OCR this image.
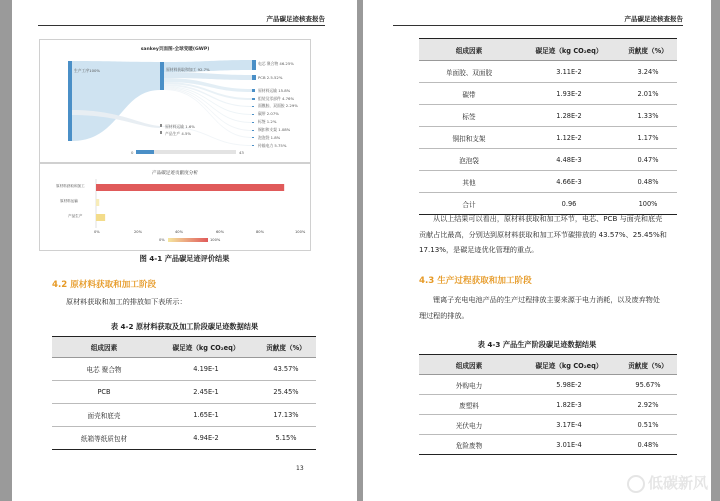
产品碳足迹核查报告
sankey页面图-全球变暖(GWP)
生产工序100%	原材料获取和加工 92.7%
原材料运输 1.6%
产品生产 4.5%
电芯 聚合物 46.25%
PCB 2.5.52%
原材料运输 15.8%
组装及零部件 4.76%
面膜胶、双面胶 2.29%
碳带 2.07%
标签 1.2%
铜扣和支架 1.08%
泡泡袋 1.8%
传输电力 5.75%
0	43
产品碳足迹贡献度分析
原材料获取和加工
原材料运输
产品生产
0%	20%	40%	60%	80%	100%
0%	100%
图 4-1 产品碳足迹评价结果
4.2 原材料获取和加工阶段
原材料获取和加工的排放如下表所示：
表 4-2 原材料获取及加工阶段碳足迹数据结果
组成因素	碳足迹（kg CO₂eq）	贡献度（%）
电芯 聚合物	4.19E-1	43.57%
PCB	2.45E-1	25.45%
面壳和底壳	1.65E-1	17.13%
纸箱等纸质包材	4.94E-2	5.15%
13
产品碳足迹核查报告
组成因素	碳足迹（kg CO₂eq）	贡献度（%）
单面胶、双面胶	3.11E-2	3.24%
碳带	1.93E-2	2.01%
标签	1.28E-2	1.33%
铜扣和支架	1.12E-2	1.17%
泡泡袋	4.48E-3	0.47%
其他	4.66E-3	0.48%
合计	0.96	100%
从以上结果可以看出，原材料获取和加工环节，电芯、PCB 与面壳和底壳
贡献占比最高，分别达到原材料获取和加工环节碳排放的 43.57%、25.45%和
17.13%，是碳足迹优化管理的重点。
4.3 生产过程获取和加工阶段
锂离子充电电池产品的生产过程排放主要来源于电力消耗，以及废弃物处
理过程的排放。
表 4-3 产品生产阶段碳足迹数据结果
组成因素	碳足迹（kg CO₂eq）	贡献度（%）
外购电力	5.98E-2	95.67%
废塑料	1.82E-3	2.92%
光伏电力	3.17E-4	0.51%
危险废物	3.01E-4	0.48%
低碳新风
